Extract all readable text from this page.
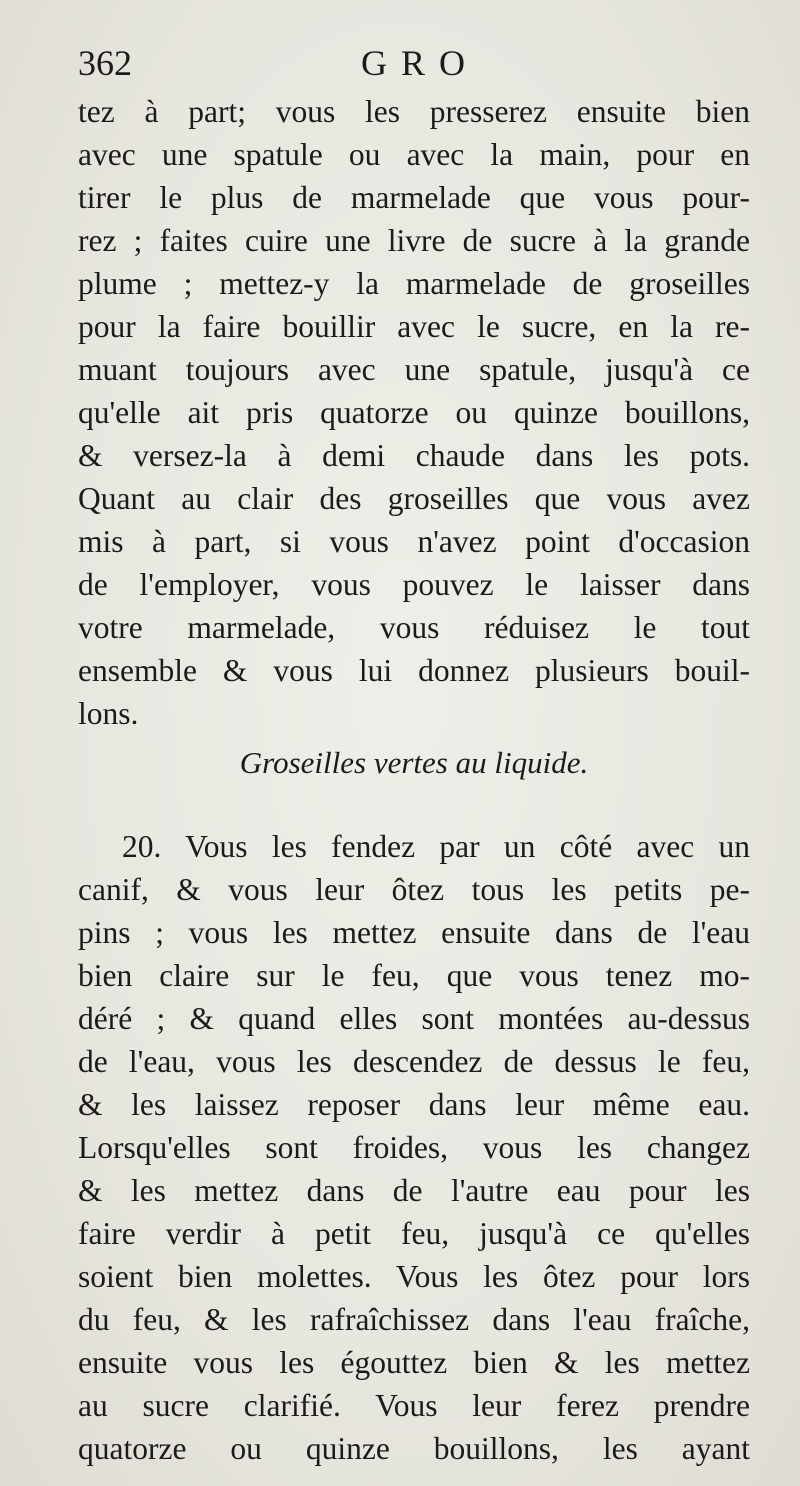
362	GRO
tez à part; vous les presserez ensuite bien
avec une spatule ou avec la main, pour en
tirer le plus de marmelade que vous pour-
rez ; faites cuire une livre de sucre à la grande
plume ; mettez-y la marmelade de groseilles
pour la faire bouillir avec le sucre, en la re-
muant toujours avec une spatule, jusqu'à ce
qu'elle ait pris quatorze ou quinze bouillons,
& versez-la à demi chaude dans les pots.
Quant au clair des groseilles que vous avez
mis à part, si vous n'avez point d'occasion
de l'employer, vous pouvez le laisser dans
votre marmelade, vous réduisez le tout
ensemble & vous lui donnez plusieurs bouil-
lons.
Groseilles vertes au liquide.
20. Vous les fendez par un côté avec un
canif, & vous leur ôtez tous les petits pe-
pins ; vous les mettez ensuite dans de l'eau
bien claire sur le feu, que vous tenez mo-
déré ; & quand elles sont montées au-dessus
de l'eau, vous les descendez de dessus le feu,
& les laissez reposer dans leur même eau.
Lorsqu'elles sont froides, vous les changez
& les mettez dans de l'autre eau pour les
faire verdir à petit feu, jusqu'à ce qu'elles
soient bien molettes. Vous les ôtez pour lors
du feu, & les rafraîchissez dans l'eau fraîche,
ensuite vous les égouttez bien & les mettez
au sucre clarifié. Vous leur ferez prendre
quatorze ou quinze bouillons, les ayant
